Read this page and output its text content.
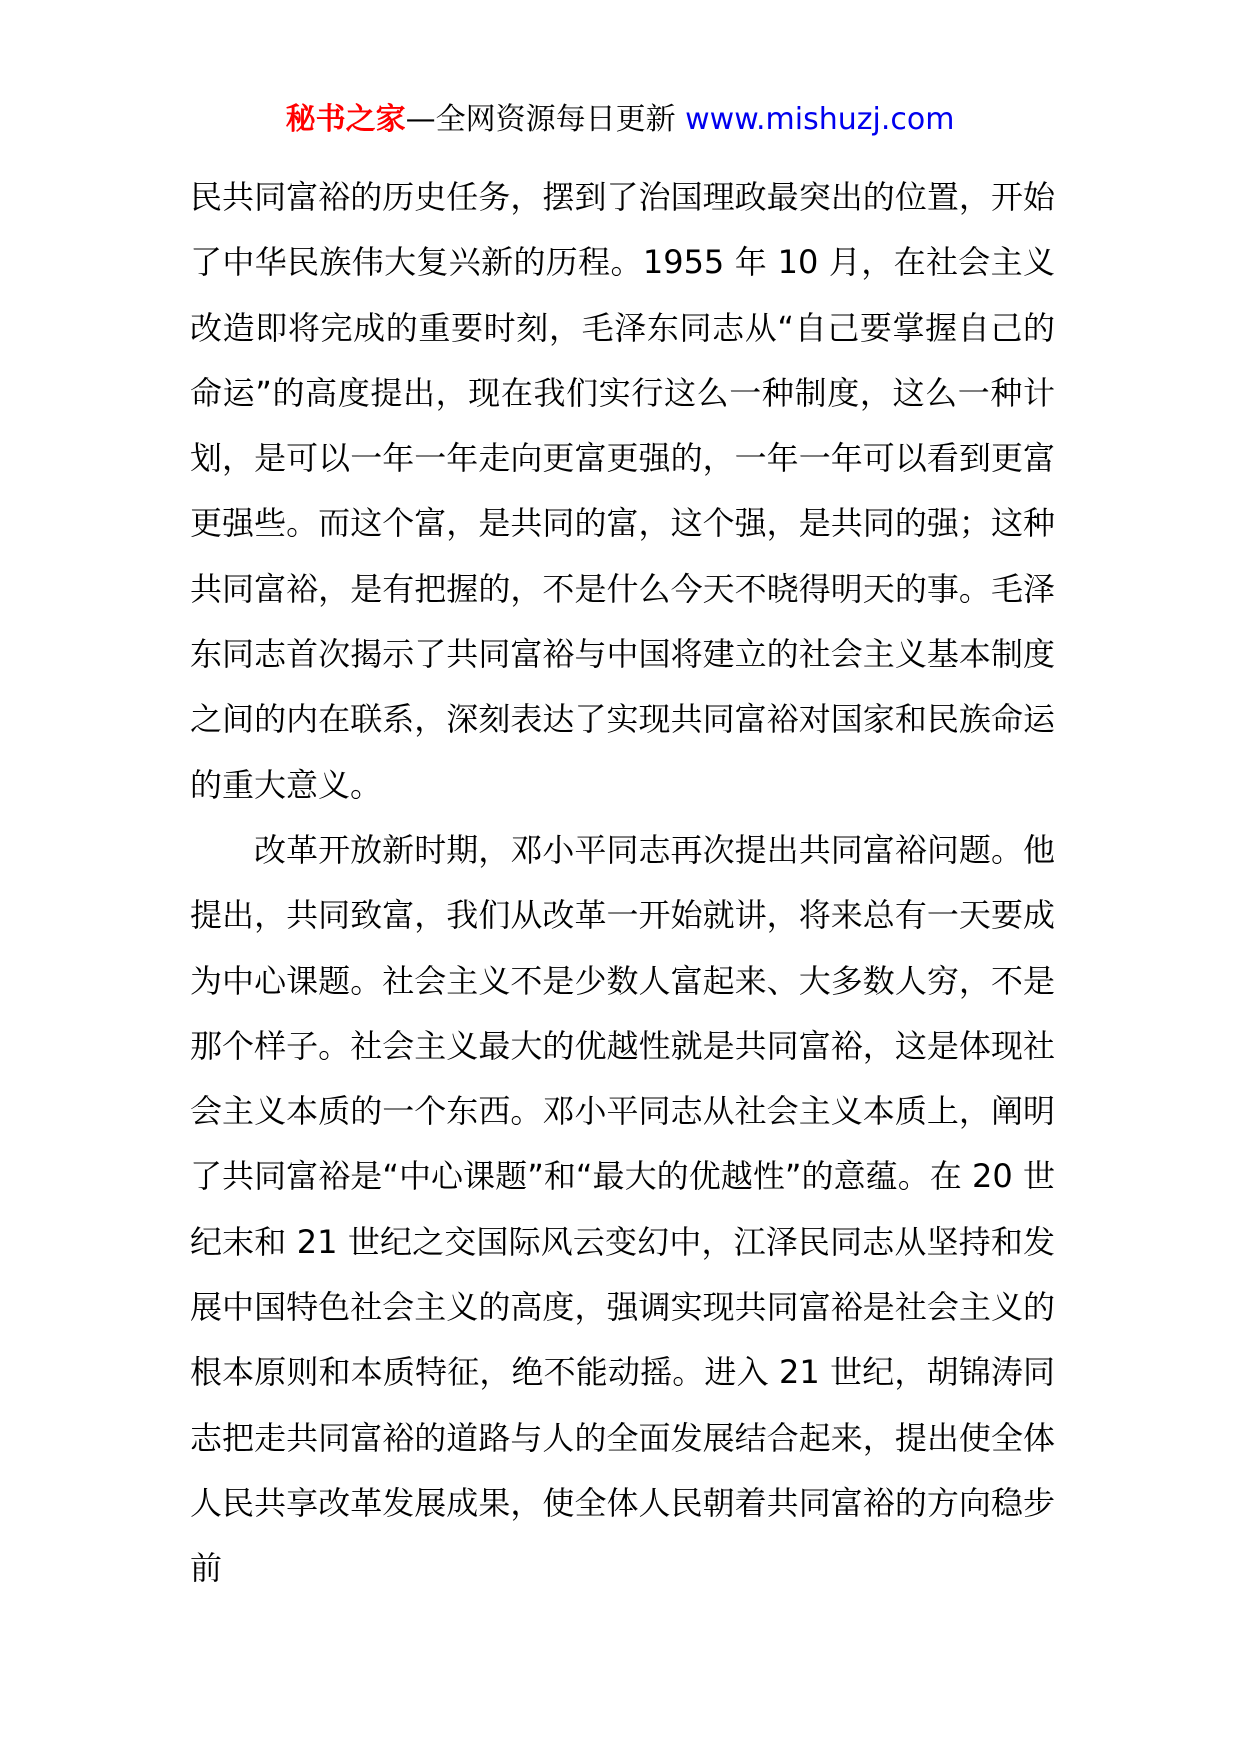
秘书之家—全网资源每日更新 www.mishuzj.com

民共同富裕的历史任务，摆到了治国理政最突出的位置，开始了中华民族伟大复兴新的历程。1955 年 10 月，在社会主义改造即将完成的重要时刻，毛泽东同志从“自己要掌握自己的命运”的高度提出，现在我们实行这么一种制度，这么一种计划，是可以一年一年走向更富更强的，一年一年可以看到更富更强些。而这个富，是共同的富，这个强，是共同的强；这种共同富裕，是有把握的，不是什么今天不晓得明天的事。毛泽东同志首次揭示了共同富裕与中国将建立的社会主义基本制度之间的内在联系，深刻表达了实现共同富裕对国家和民族命运的重大意义。

改革开放新时期，邓小平同志再次提出共同富裕问题。他提出，共同致富，我们从改革一开始就讲，将来总有一天要成为中心课题。社会主义不是少数人富起来、大多数人穷，不是那个样子。社会主义最大的优越性就是共同富裕，这是体现社会主义本质的一个东西。邓小平同志从社会主义本质上，阐明了共同富裕是“中心课题”和“最大的优越性”的意蕴。在 20 世纪末和 21 世纪之交国际风云变幻中，江泽民同志从坚持和发展中国特色社会主义的高度，强调实现共同富裕是社会主义的根本原则和本质特征，绝不能动摇。进入 21 世纪，胡锦涛同志把走共同富裕的道路与人的全面发展结合起来，提出使全体人民共享改革发展成果，使全体人民朝着共同富裕的方向稳步前
